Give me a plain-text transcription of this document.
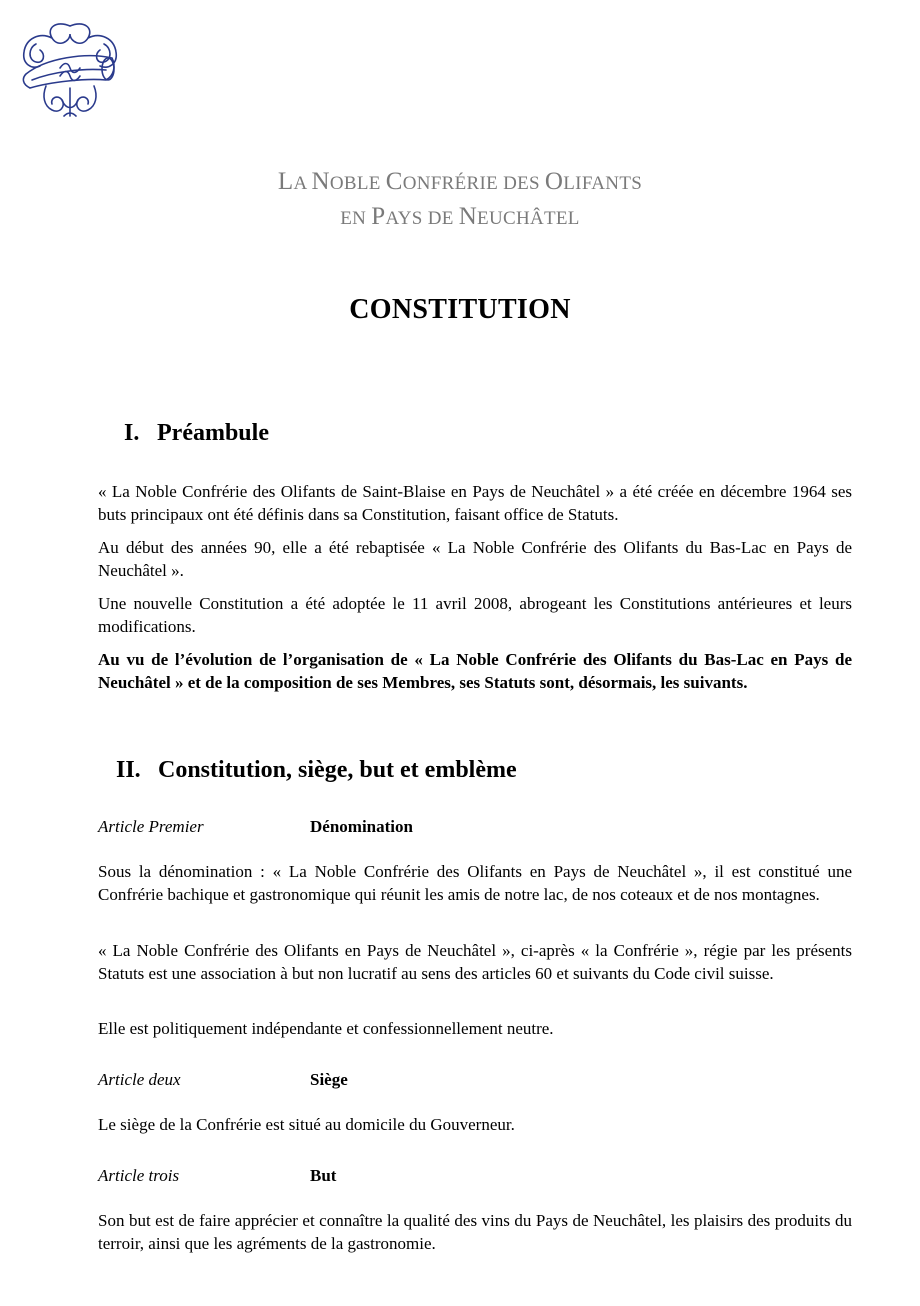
LA NOBLE CONFRÉRIE DES OLIFANTS

EN PAYS DE NEUCHÂTEL

CONSTITUTION
I. Préambule

« La Noble Confrérie des Olifants de Saint-Blaise en Pays de Neuchâtel » a été créée en décembre 1964 ses buts principaux ont été définis dans sa Constitution, faisant office de Statuts.

Au début des années 90, elle a été rebaptisée « La Noble Confrérie des Olifants du Bas-Lac en Pays de Neuchâtel ».

Une nouvelle Constitution a été adoptée le 11 avril 2008, abrogeant les Constitutions antérieures et leurs modifications.

Au vu de l’évolution de l’organisation de « La Noble Confrérie des Olifants du Bas-Lac en Pays de Neuchâtel » et de la composition de ses Membres, ses Statuts sont, désormais, les suivants.

II. Constitution, siège, but et emblème

Article Premier	Dénomination

Sous la dénomination : « La Noble Confrérie des Olifants en Pays de Neuchâtel », il est constitué une Confrérie bachique et gastronomique qui réunit les amis de notre lac, de nos coteaux et de nos montagnes.

« La Noble Confrérie des Olifants en Pays de Neuchâtel », ci-après « la Confrérie », régie par les présents Statuts est une association à but non lucratif au sens des articles 60 et suivants du Code civil suisse.

Elle est politiquement indépendante et confessionnellement neutre.

Article deux	Siège

Le siège de la Confrérie est situé au domicile du Gouverneur.

Article trois	But

Son but est de faire apprécier et connaître la qualité des vins du Pays de Neuchâtel, les plaisirs des produits du terroir, ainsi que les agréments de la gastronomie.
